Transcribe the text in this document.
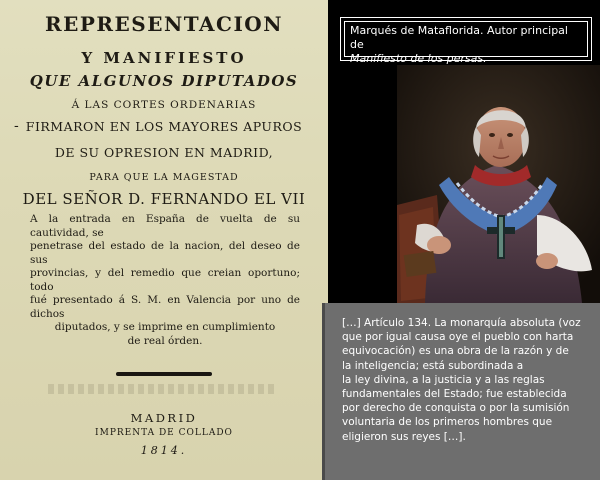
REPRESENTACION
Y MANIFIESTO
QUE ALGUNOS DIPUTADOS
Á LAS CORTES ORDENARIAS
- FIRMARON EN LOS MAYORES APUROS
DE SU OPRESION EN MADRID,
PARA QUE LA MAGESTAD
DEL SEÑOR D. FERNANDO EL VII
A la entrada en España de vuelta de su cautividad, se
penetrase del estado de la nacion, del deseo de sus
provincias, y del remedio que creian oportuno; todo
fué presentado á S. M. en Valencia por uno de dichos
diputados, y se imprime en cumplimiento
de real órden.
MADRID
IMPRENTA DE COLLADO
1814.
Marqués de Mataflorida. Autor principal de
Manifiesto de los persas.
[…] Artículo 134. La monarquía absoluta (voz
que por igual causa oye el pueblo con harta
equivocación) es una obra de la razón y de
la inteligencia; está subordinada a
la ley divina, a la justicia y a las reglas
fundamentales del Estado; fue establecida
por derecho de conquista o por la sumisión
voluntaria de los primeros hombres que
eligieron sus reyes […].
